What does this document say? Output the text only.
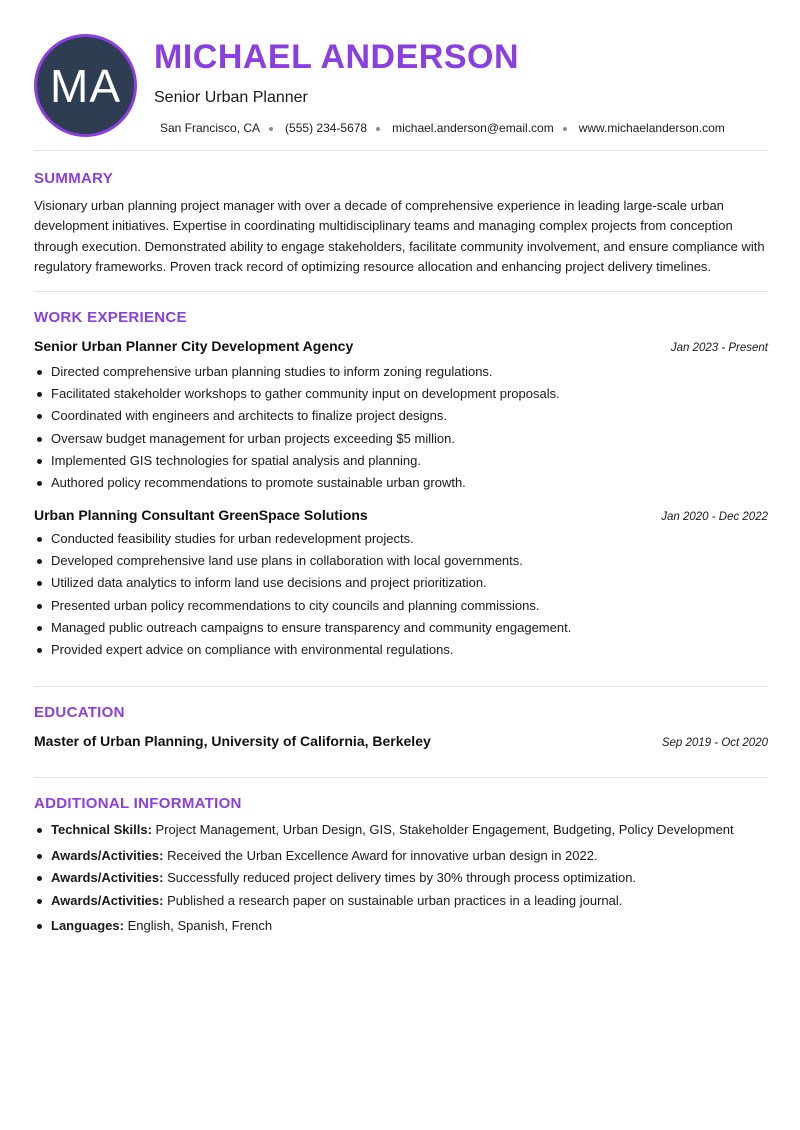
MA
MICHAEL ANDERSON
Senior Urban Planner
San Francisco, CA (555) 234-5678 michael.anderson@email.com www.michaelanderson.com
SUMMARY
Visionary urban planning project manager with over a decade of comprehensive experience in leading large-scale urban development initiatives. Expertise in coordinating multidisciplinary teams and managing complex projects from conception through execution. Demonstrated ability to engage stakeholders, facilitate community involvement, and ensure compliance with regulatory frameworks. Proven track record of optimizing resource allocation and enhancing project delivery timelines.
WORK EXPERIENCE
Senior Urban Planner City Development Agency	Jan 2023 - Present
Directed comprehensive urban planning studies to inform zoning regulations.
Facilitated stakeholder workshops to gather community input on development proposals.
Coordinated with engineers and architects to finalize project designs.
Oversaw budget management for urban projects exceeding $5 million.
Implemented GIS technologies for spatial analysis and planning.
Authored policy recommendations to promote sustainable urban growth.
Urban Planning Consultant GreenSpace Solutions	Jan 2020 - Dec 2022
Conducted feasibility studies for urban redevelopment projects.
Developed comprehensive land use plans in collaboration with local governments.
Utilized data analytics to inform land use decisions and project prioritization.
Presented urban policy recommendations to city councils and planning commissions.
Managed public outreach campaigns to ensure transparency and community engagement.
Provided expert advice on compliance with environmental regulations.
EDUCATION
Master of Urban Planning, University of California, Berkeley	Sep 2019 - Oct 2020
ADDITIONAL INFORMATION
Technical Skills: Project Management, Urban Design, GIS, Stakeholder Engagement, Budgeting, Policy Development
Awards/Activities: Received the Urban Excellence Award for innovative urban design in 2022.
Awards/Activities: Successfully reduced project delivery times by 30% through process optimization.
Awards/Activities: Published a research paper on sustainable urban practices in a leading journal.
Languages: English, Spanish, French
